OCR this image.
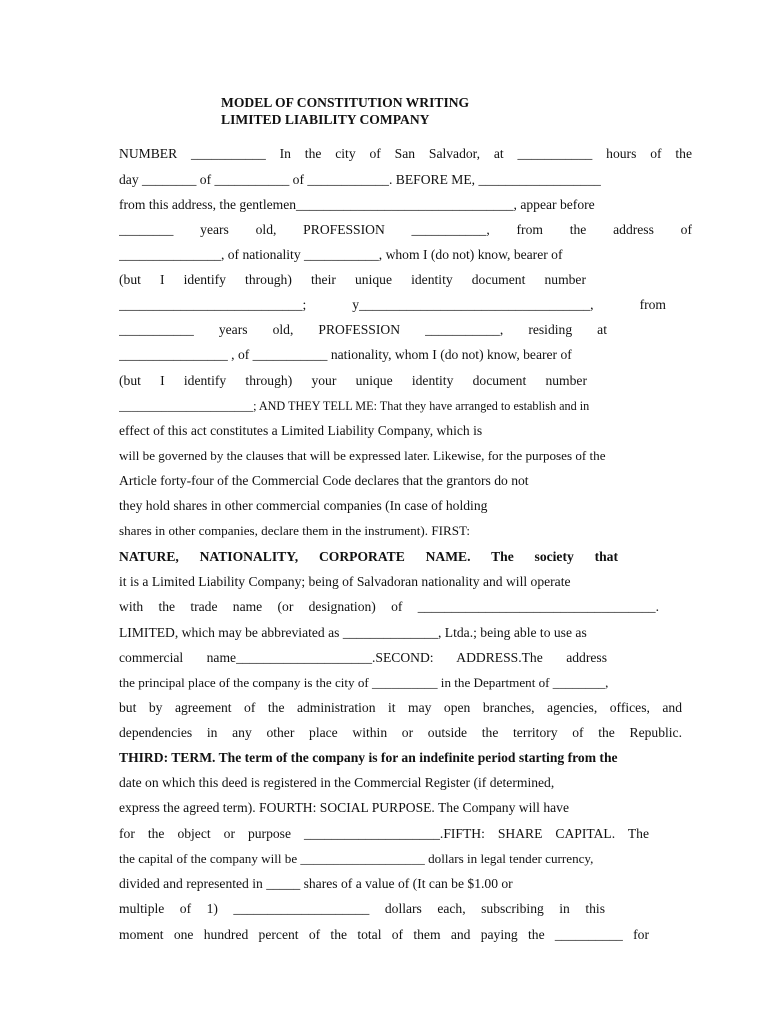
MODEL OF CONSTITUTION WRITING
LIMITED LIABILITY COMPANY
NUMBER ___________ In the city of San Salvador, at ___________ hours of the
day ________ of ___________ of ____________. BEFORE ME, __________________
from this address, the gentlemen________________________________, appear before
________ years old, PROFESSION ___________, from the address of
_______________, of nationality ___________, whom I (do not) know, bearer of
(but I identify through) their unique identity document number
___________________________; y__________________________________, from
___________ years old, PROFESSION ___________, residing at
________________ , of ___________ nationality, whom I (do not) know, bearer of
(but I identify through) your unique identity document number
______________________; AND THEY TELL ME: That they have arranged to establish and in
effect of this act constitutes a Limited Liability Company, which is
will be governed by the clauses that will be expressed later. Likewise, for the purposes of the
Article forty-four of the Commercial Code declares that the grantors do not
they hold shares in other commercial companies (In case of holding
shares in other companies, declare them in the instrument). FIRST:
NATURE, NATIONALITY, CORPORATE NAME. The society that
it is a Limited Liability Company; being of Salvadoran nationality and will operate
with the trade name (or designation) of ___________________________________.
LIMITED, which may be abbreviated as ______________, Ltda.; being able to use as
commercial name____________________.SECOND: ADDRESS.The address
the principal place of the company is the city of __________ in the Department of ________,
but by agreement of the administration it may open branches, agencies, offices, and
dependencies in any other place within or outside the territory of the Republic.
THIRD: TERM. The term of the company is for an indefinite period starting from the
date on which this deed is registered in the Commercial Register (if determined,
express the agreed term). FOURTH: SOCIAL PURPOSE. The Company will have
for the object or purpose ____________________.FIFTH: SHARE CAPITAL. The
the capital of the company will be ___________________ dollars in legal tender currency,
divided and represented in _____ shares of a value of (It can be $1.00 or
multiple of 1) ____________________ dollars each, subscribing in this
moment one hundred percent of the total of them and paying the __________ for
